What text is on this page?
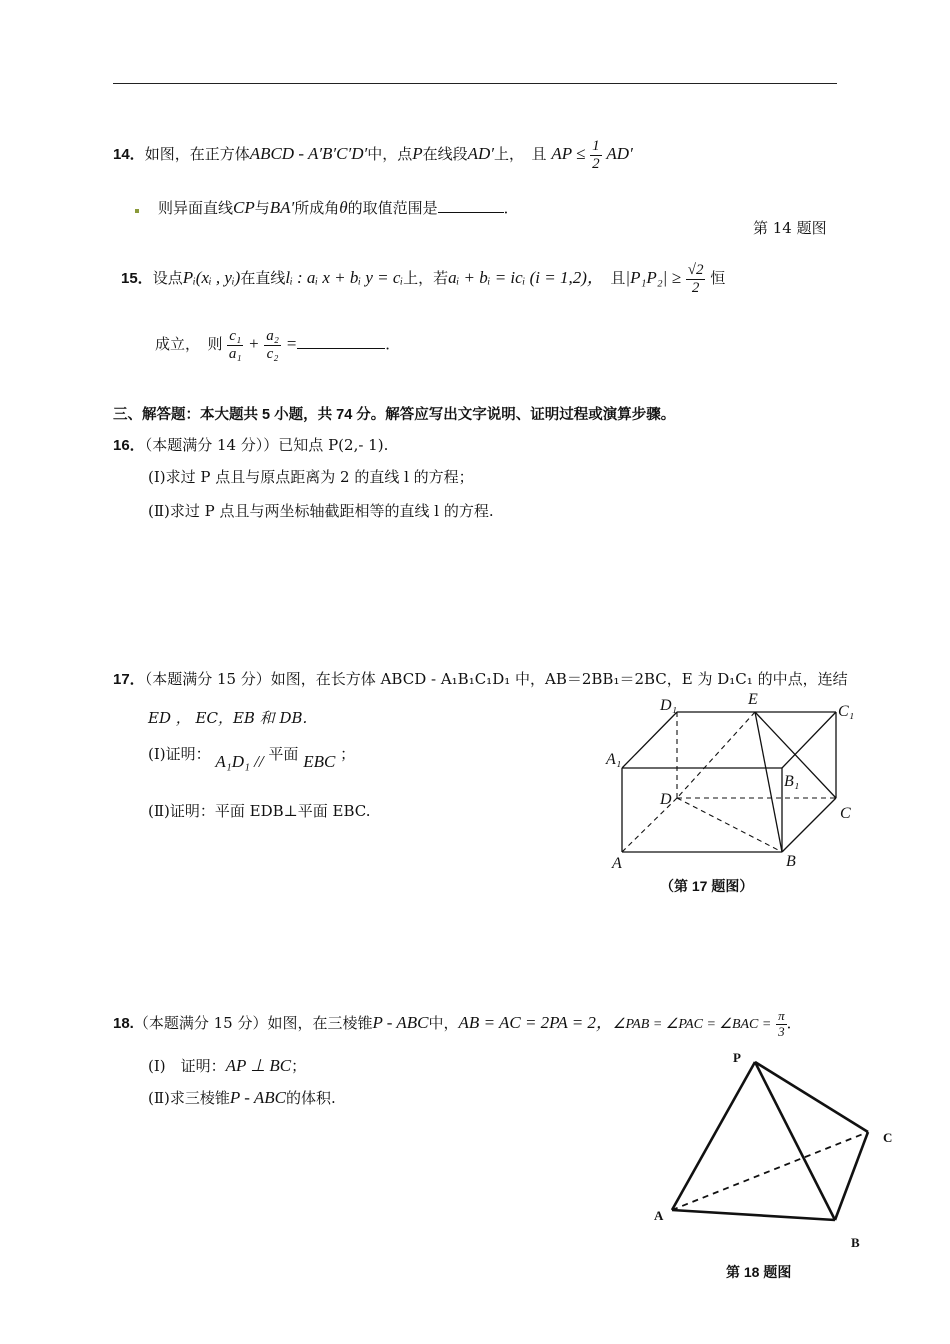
14．如图，在正方体ABCD - A′B′C′D′中，点P在线段AD′上，　且 AP ≤ $\frac{1}{2} AD'$
则异面直线CP与BA′所成角θ的取值范围是	．
第 14 题图
15．设点Pᵢ(xᵢ , yᵢ)在直线lᵢ : aᵢ x + bᵢ y = cᵢ上，若aᵢ + bᵢ = icᵢ (i = 1,2)，　且$|P_1P_2| \ge \frac{√2}{2}$ 恒
成立，　则 $\frac{\text{c₁}}{\text{a₁}} + \frac{\text{a₂}}{\text{c₂}}$ =	．
三、解答题：本大题共 5 小题，共 74 分。解答应写出文字说明、证明过程或演算步骤。
16．（本题满分 14 分））已知点 P(2,- 1).
(Ⅰ)求过 P 点且与原点距离为 2 的直线 l 的方程；
(Ⅱ)求过 P 点且与两坐标轴截距相等的直线 l 的方程.
17．（本题满分 15 分）如图，在长方体 ABCD - A₁B₁C₁D₁ 中，AB＝2BB₁＝2BC，E 为 D₁C₁ 的中点，连结
ED ， EC，EB 和 DB.
(Ⅰ)证明： A₁D₁ // 平面 EBC ；
(Ⅱ)证明：平面 EDB⊥平面 EBC.
D₁	E
C₁
A₁
B₁
D
C
A	B
（第 17 题图）
18.（本题满分 15 分）如图，在三棱锥P - ABC中，AB = AC = 2PA = 2，∠PAB = ∠PAC = ∠BAC = $\frac{\pi}{3}$ ．
(Ⅰ)　证明：AP ⊥ BC；
(Ⅱ)求三棱锥P - ABC的体积.
P
A
B
C
第 18 题图
